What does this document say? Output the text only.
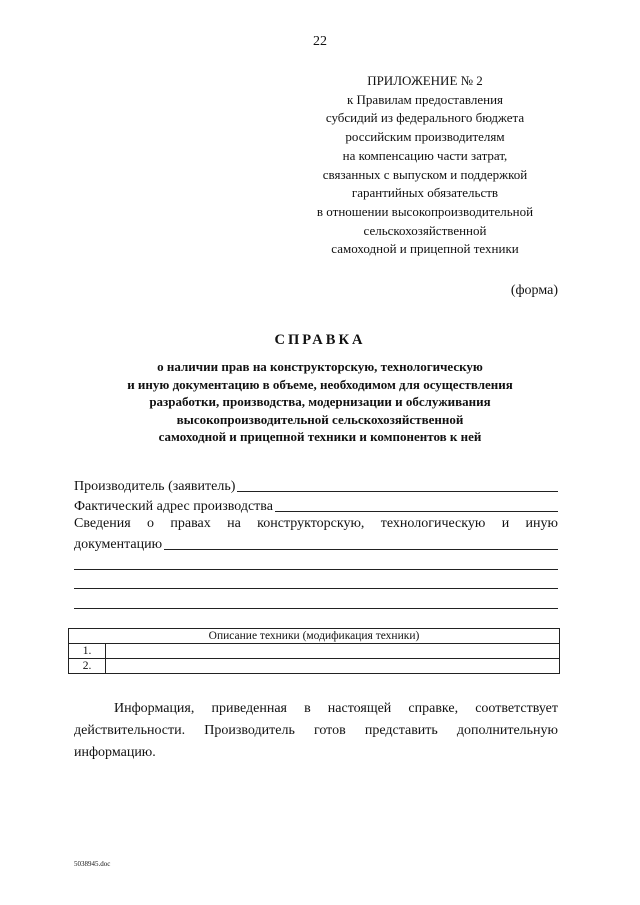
22
ПРИЛОЖЕНИЕ № 2
к Правилам предоставления
субсидий из федерального бюджета
российским производителям
на компенсацию части затрат,
связанных с выпуском и поддержкой
гарантийных обязательств
в отношении высокопроизводительной
сельскохозяйственной
самоходной и прицепной техники
(форма)
СПРАВКА
о наличии прав на конструкторскую, технологическую
и иную документацию в объеме, необходимом для осуществления
разработки, производства, модернизации и обслуживания
высокопроизводительной сельскохозяйственной
самоходной и прицепной техники и компонентов к ней
Производитель (заявитель)
Фактический адрес производства
Сведения о правах на конструкторскую, технологическую и иную
документацию
Описание техники (модификация техники)	
1.	
2.	
Информация, приведенная в настоящей справке, соответствует действительности. Производитель готов представить дополнительную информацию.
5038945.doc
